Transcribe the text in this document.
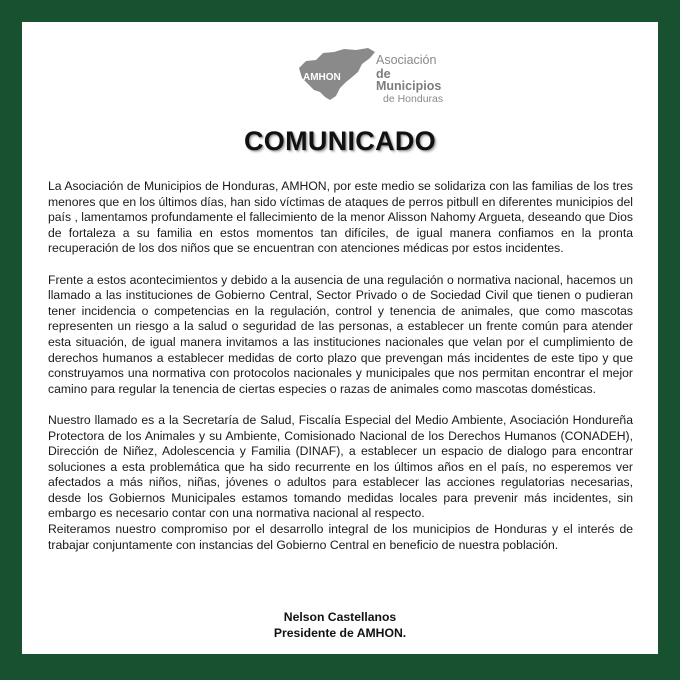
AMHON
Asociación
de Municipios
de Honduras
COMUNICADO

La Asociación de Municipios de Honduras, AMHON, por este medio se solidariza con las familias de los tres menores que en los últimos días, han sido víctimas de ataques de perros pitbull en diferentes municipios del país , lamentamos profundamente el fallecimiento de la menor Alisson Nahomy Argueta, deseando que Dios de fortaleza a su familia en estos momentos tan difíciles, de igual manera confiamos en la pronta recuperación de los dos niños que se encuentran con atenciones médicas por estos incidentes.

Frente a estos acontecimientos y debido a la ausencia de una regulación o normativa nacional, hacemos un llamado a las instituciones de Gobierno Central, Sector Privado o de Sociedad Civil que tienen o pudieran tener incidencia o competencias en la regulación, control y tenencia de animales, que como mascotas representen un riesgo a la salud o seguridad de las personas, a establecer un frente común para atender esta situación, de igual manera invitamos a las instituciones nacionales que velan por el cumplimiento de derechos humanos a establecer medidas de corto plazo que prevengan más incidentes de este tipo y que construyamos una normativa con protocolos nacionales y municipales que nos permitan encontrar el mejor camino para regular la tenencia de ciertas especies o razas de animales como mascotas domésticas.

Nuestro llamado es a la Secretaría de Salud, Fiscalía Especial del Medio Ambiente, Asociación Hondureña Protectora de los Animales y su Ambiente, Comisionado Nacional de los Derechos Humanos (CONADEH), Dirección de Niñez, Adolescencia y Familia (DINAF), a establecer un espacio de dialogo para encontrar soluciones a esta problemática que ha sido recurrente en los últimos años en el país, no esperemos ver afectados a más niños, niñas, jóvenes o adultos para establecer las acciones regulatorias necesarias, desde los Gobiernos Municipales estamos tomando medidas locales para prevenir más incidentes, sin embargo es necesario contar con una normativa nacional al respecto.

Reiteramos nuestro compromiso por el desarrollo integral de los municipios de Honduras y el interés de trabajar conjuntamente con instancias del Gobierno Central en beneficio de nuestra población.

Nelson Castellanos
Presidente de AMHON.
